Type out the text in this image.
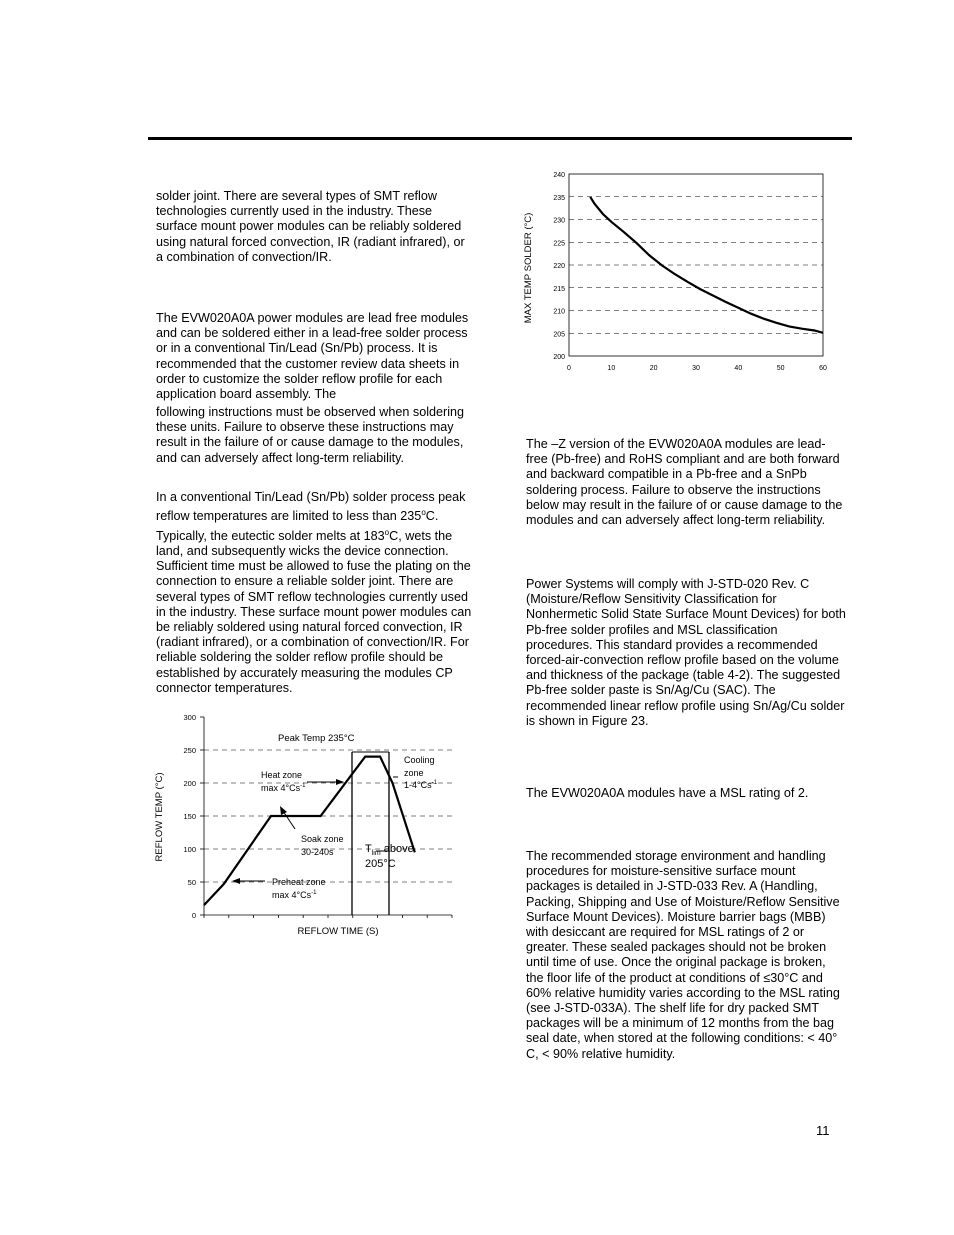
solder joint. There are several types of SMT reflow technologies currently used in the industry. These surface mount power modules can be reliably soldered using natural forced convection, IR (radiant infrared), or a combination of convection/IR.

The EVW020A0A power modules are lead free modules and can be soldered either in a lead-free solder process or in a conventional Tin/Lead (Sn/Pb) process. It is recommended that the customer review data sheets in order to customize the solder reflow profile for each application board assembly. The

following instructions must be observed when soldering these units. Failure to observe these instructions may result in the failure of or cause damage to the modules, and can adversely affect long-term reliability.

In a conventional Tin/Lead (Sn/Pb) solder process peak reflow temperatures are limited to less than 235$^o$C. Typically, the eutectic solder melts at 183$^o$C, wets the land, and subsequently wicks the device connection. Sufficient time must be allowed to fuse the plating on the connection to ensure a reliable solder joint. There are several types of SMT reflow technologies currently used in the industry. These surface mount power modules can be reliably soldered using natural forced convection, IR (radiant infrared), or a combination of convection/IR. For reliable soldering the solder reflow profile should be established by accurately measuring the modules CP connector temperatures.

The –Z version of the EVW020A0A modules are lead-free (Pb-free) and RoHS compliant and are both forward and backward compatible in a Pb-free and a SnPb soldering process. Failure to observe the instructions below may result in the failure of or cause damage to the modules and can adversely affect long-term reliability.

Power Systems will comply with J-STD-020 Rev. C (Moisture/Reflow Sensitivity Classification for Nonhermetic Solid State Surface Mount Devices) for both Pb-free solder profiles and MSL classification procedures. This standard provides a recommended forced-air-convection reflow profile based on the volume and thickness of the package (table 4-2). The suggested Pb-free solder paste is Sn/Ag/Cu (SAC). The recommended linear reflow profile using Sn/Ag/Cu solder is shown in Figure 23.

The EVW020A0A modules have a MSL rating of 2.

The recommended storage environment and handling procedures for moisture-sensitive surface mount packages is detailed in J-STD-033 Rev. A (Handling, Packing, Shipping and Use of Moisture/Reflow Sensitive Surface Mount Devices). Moisture barrier bags (MBB) with desiccant are required for MSL ratings of 2 or greater. These sealed packages should not be broken until time of use. Once the original package is broken, the floor life of the product at conditions of ≤30°C and 60% relative humidity varies according to the MSL rating (see J-STD-033A). The shelf life for dry packed SMT packages will be a minimum of 12 months from the bag seal date, when stored at the following conditions: < 40° C, < 90% relative humidity.

11
200
205
210
215
220
225
230
235
240
0	10	20	30	40	50	60
MAX TEMP SOLDER (°C)
0
50
100
150
200
250
300
Peak Temp 235°C
Heat zone
$\max 4^\circ Cs^{-1}$
Cooling
zone
$1-4^\circ Cs^{-1}$
Soak zone
30-240s	$T_{lim}$ above
205°C
Preheat zone
$\max 4^\circ Cs^{-1}$
REFLOW TIME (S)
REFLOW TEMP (°C)
